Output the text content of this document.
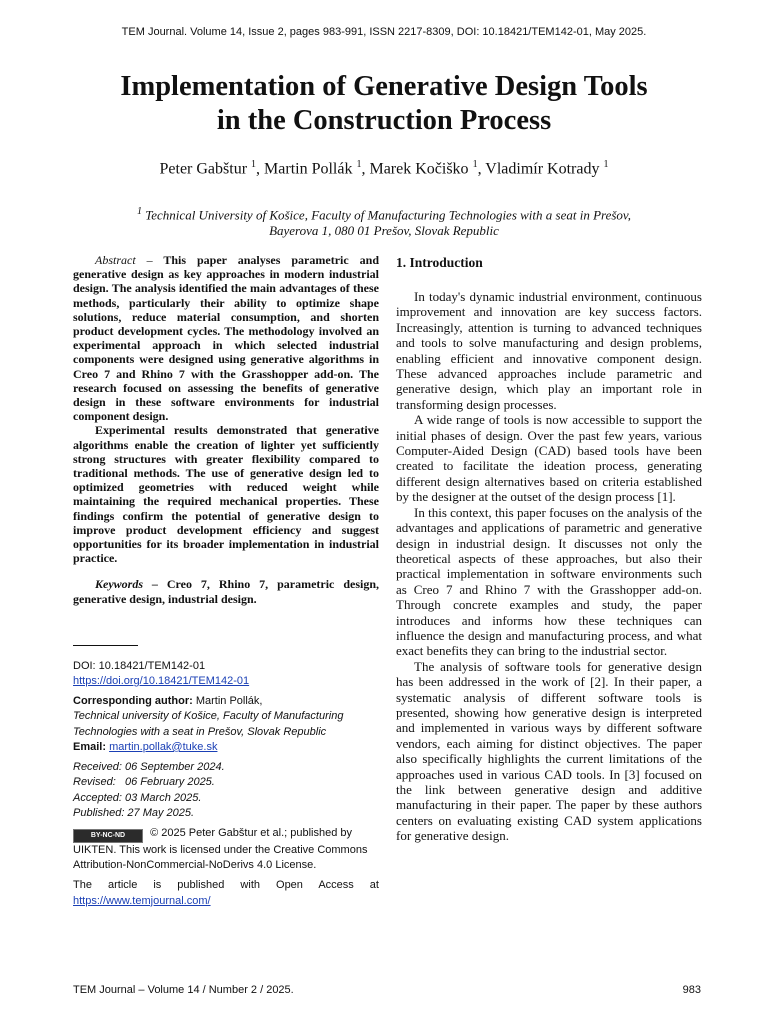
TEM Journal. Volume 14, Issue 2, pages 983-991, ISSN 2217-8309, DOI: 10.18421/TEM142-01, May 2025.
Implementation of Generative Design Tools
in the Construction Process
Peter Gabštur $^1$, Martin Pollák $^1$, Marek Kočiško $^1$, Vladimír Kotrady $^1$
$^1$ Technical University of Košice, Faculty of Manufacturing Technologies with a seat in Prešov,
Bayerova 1, 080 01 Prešov, Slovak Republic

Abstract – This paper analyses parametric and generative design as key approaches in modern industrial design. The analysis identified the main advantages of these methods, particularly their ability to optimize shape solutions, reduce material consumption, and shorten product development cycles. The methodology involved an experimental approach in which selected industrial components were designed using generative algorithms in Creo 7 and Rhino 7 with the Grasshopper add-on. The research focused on assessing the benefits of generative design in these software environments for industrial component design.

Experimental results demonstrated that generative algorithms enable the creation of lighter yet sufficiently strong structures with greater flexibility compared to traditional methods. The use of generative design led to optimized geometries with reduced weight while maintaining the required mechanical properties. These findings confirm the potential of generative design to improve product development efficiency and suggest opportunities for its broader implementation in industrial practice.

Keywords – Creo 7, Rhino 7, parametric design, generative design, industrial design.

DOI: 10.18421/TEM142-01

https://doi.org/10.18421/TEM142-01

Corresponding author: Martin Pollák,

Technical university of Košice, Faculty of Manufacturing Technologies with a seat in Prešov, Slovak Republic

Email: martin.pollak@tuke.sk

Received: 06 September 2024.

Revised:   06 February 2025.

Accepted: 03 March 2025.

Published: 27 May 2025.

BY-NC-ND © 2025 Peter Gabštur et al.; published by UIKTEN. This work is licensed under the Creative Commons Attribution-NonCommercial-NoDerivs 4.0 License.

The article is published with Open Access at https://www.temjournal.com/

1. Introduction

In today's dynamic industrial environment, continuous improvement and innovation are key success factors. Increasingly, attention is turning to advanced techniques and tools to solve manufacturing and design problems, enabling efficient and innovative component design. These advanced approaches include parametric and generative design, which play an important role in transforming design processes.

A wide range of tools is now accessible to support the initial phases of design. Over the past few years, various Computer-Aided Design (CAD) based tools have been created to facilitate the ideation process, generating different design alternatives based on criteria established by the designer at the outset of the design process [1].

In this context, this paper focuses on the analysis of the advantages and applications of parametric and generative design in industrial design. It discusses not only the theoretical aspects of these approaches, but also their practical implementation in software environments such as Creo 7 and Rhino 7 with the Grasshopper add-on. Through concrete examples and study, the paper introduces and informs how these techniques can influence the design and manufacturing process, and what exact benefits they can bring to the industrial sector.

The analysis of software tools for generative design has been addressed in the work of [2]. In their paper, a systematic analysis of different software tools is presented, showing how generative design is interpreted and implemented in various ways by different software vendors, each aiming for distinct objectives. The paper also specifically highlights the current limitations of the approaches used in various CAD tools. In [3] focused on the link between generative design and additive manufacturing in their paper. The paper by these authors centers on evaluating existing CAD system applications for generative design.

TEM Journal – Volume 14 / Number 2 / 2025.	983
